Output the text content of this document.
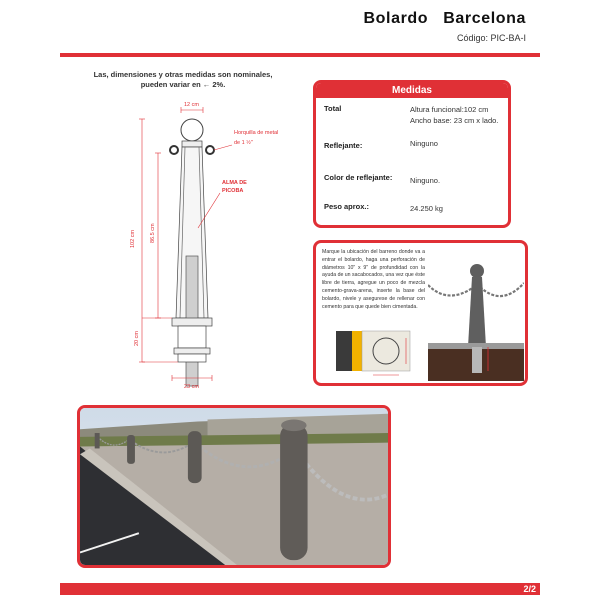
Bolardo Barcelona
Código: PIC-BA-I
Las, dimensiones y otras medidas son nominales, pueden variar en ← 2%.
12 cm
102 cm	86.5 cm
20 cm
23 cm
Horquilla de metal
de 1 ½"
ALMA DE
PICOBA
Medidas
Total	Altura funcional:102 cm
Ancho base: 23 cm x lado.
Reflejante:	Ninguno
Color de reflejante: Ninguno.
Peso aprox.:	24.250 kg
Marque la ubicación del barreno donde va a entrar el bolardo, haga una perforación de diámetros 10" x 9" de profundidad con la ayuda de un sacabocados, una vez que éste libre de tierra, agregue un poco de mezcla cemento-grava-arena, inserte la base del bolardo, nivele y asegurese de rellenar con cemento para que quede bien cimentada.
2/2
